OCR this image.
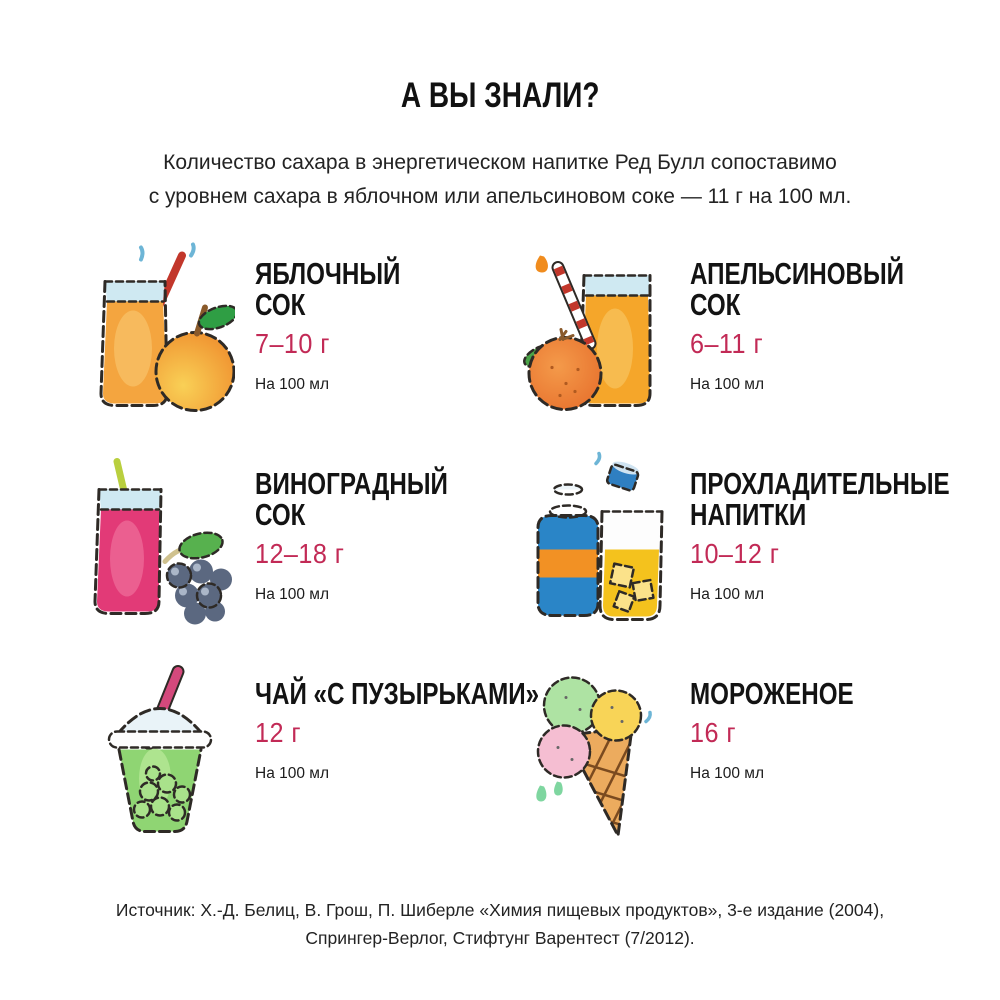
А ВЫ ЗНАЛИ?
Количество сахара в энергетическом напитке Ред Булл сопоставимо
с уровнем сахара в яблочном или апельсиновом соке — 11 г на 100 мл.
ЯБЛОЧНЫЙ
СОК
7–10 г
На 100 мл
АПЕЛЬСИНОВЫЙ
СОК
6–11 г
На 100 мл
ВИНОГРАДНЫЙ
СОК
12–18 г
На 100 мл
ПРОХЛАДИТЕЛЬНЫЕ
НАПИТКИ
10–12 г
На 100 мл
ЧАЙ «С ПУЗЫРЬКАМИ»
12 г
На 100 мл
МОРОЖЕНОЕ
16 г
На 100 мл
Источник: Х.-Д. Белиц, В. Грош, П. Шиберле «Химия пищевых продуктов», 3-е издание (2004),
Спрингер-Верлог, Стифтунг Варентест (7/2012).
